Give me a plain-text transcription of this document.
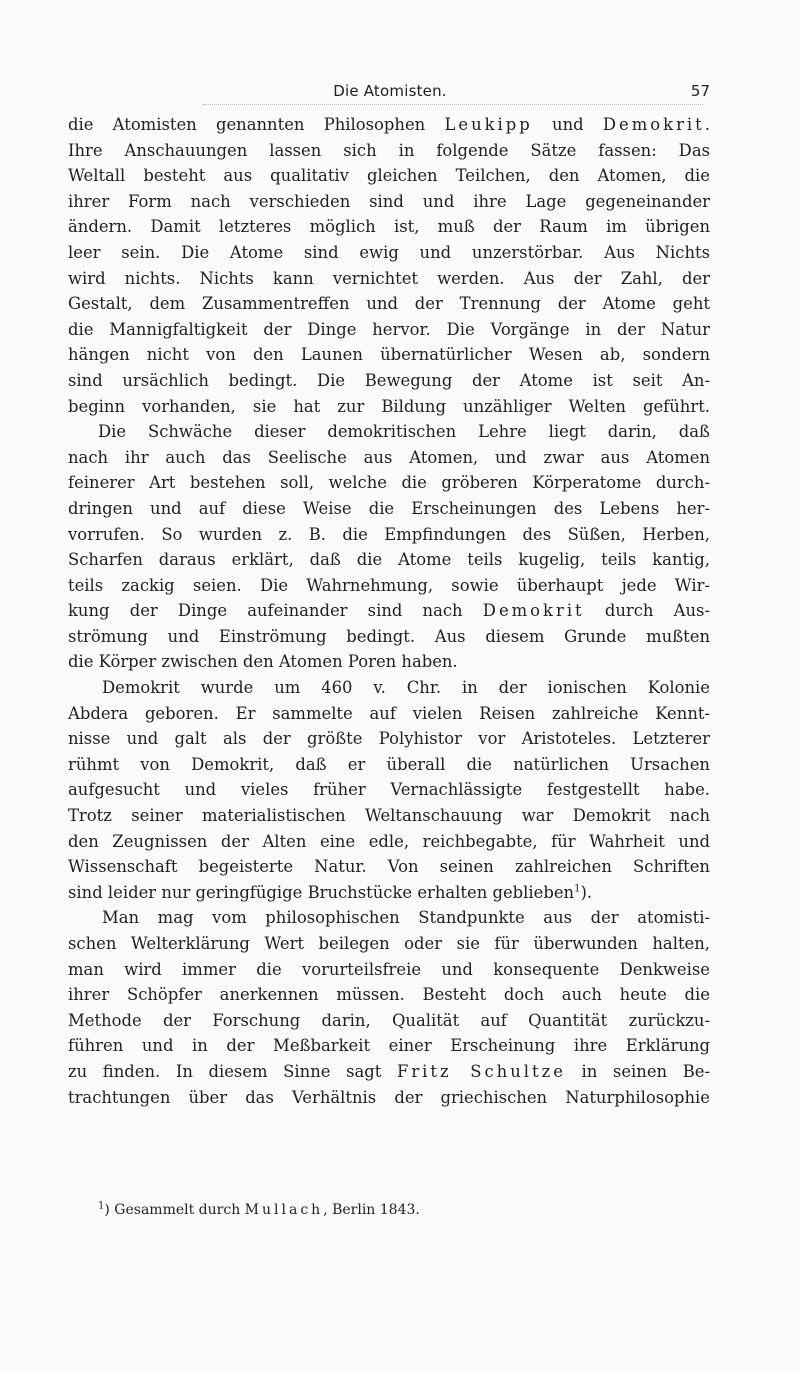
Die Atomisten.	57
die Atomisten genannten Philosophen Leukipp und Demokrit.
Ihre Anschauungen lassen sich in folgende Sätze fassen: Das
Weltall besteht aus qualitativ gleichen Teilchen, den Atomen, die
ihrer Form nach verschieden sind und ihre Lage gegeneinander
ändern. Damit letzteres möglich ist, muß der Raum im übrigen
leer sein. Die Atome sind ewig und unzerstörbar. Aus Nichts
wird nichts. Nichts kann vernichtet werden. Aus der Zahl, der
Gestalt, dem Zusammentreffen und der Trennung der Atome geht
die Mannigfaltigkeit der Dinge hervor. Die Vorgänge in der Natur
hängen nicht von den Launen übernatürlicher Wesen ab, sondern
sind ursächlich bedingt. Die Bewegung der Atome ist seit An-
beginn vorhanden, sie hat zur Bildung unzähliger Welten geführt.
Die Schwäche dieser demokritischen Lehre liegt darin, daß
nach ihr auch das Seelische aus Atomen, und zwar aus Atomen
feinerer Art bestehen soll, welche die gröberen Körperatome durch-
dringen und auf diese Weise die Erscheinungen des Lebens her-
vorrufen. So wurden z. B. die Empfindungen des Süßen, Herben,
Scharfen daraus erklärt, daß die Atome teils kugelig, teils kantig,
teils zackig seien. Die Wahrnehmung, sowie überhaupt jede Wir-
kung der Dinge aufeinander sind nach Demokrit durch Aus-
strömung und Einströmung bedingt. Aus diesem Grunde mußten
die Körper zwischen den Atomen Poren haben.
Demokrit wurde um 460 v. Chr. in der ionischen Kolonie
Abdera geboren. Er sammelte auf vielen Reisen zahlreiche Kennt-
nisse und galt als der größte Polyhistor vor Aristoteles. Letzterer
rühmt von Demokrit, daß er überall die natürlichen Ursachen
aufgesucht und vieles früher Vernachlässigte festgestellt habe.
Trotz seiner materialistischen Weltanschauung war Demokrit nach
den Zeugnissen der Alten eine edle, reichbegabte, für Wahrheit und
Wissenschaft begeisterte Natur. Von seinen zahlreichen Schriften
sind leider nur geringfügige Bruchstücke erhalten geblieben$^1$).
Man mag vom philosophischen Standpunkte aus der atomisti-
schen Welterklärung Wert beilegen oder sie für überwunden halten,
man wird immer die vorurteilsfreie und konsequente Denkweise
ihrer Schöpfer anerkennen müssen. Besteht doch auch heute die
Methode der Forschung darin, Qualität auf Quantität zurückzu-
führen und in der Meßbarkeit einer Erscheinung ihre Erklärung
zu finden. In diesem Sinne sagt Fritz Schultze in seinen Be-
trachtungen über das Verhältnis der griechischen Naturphilosophie
$^1$) Gesammelt durch Mullach, Berlin 1843.
